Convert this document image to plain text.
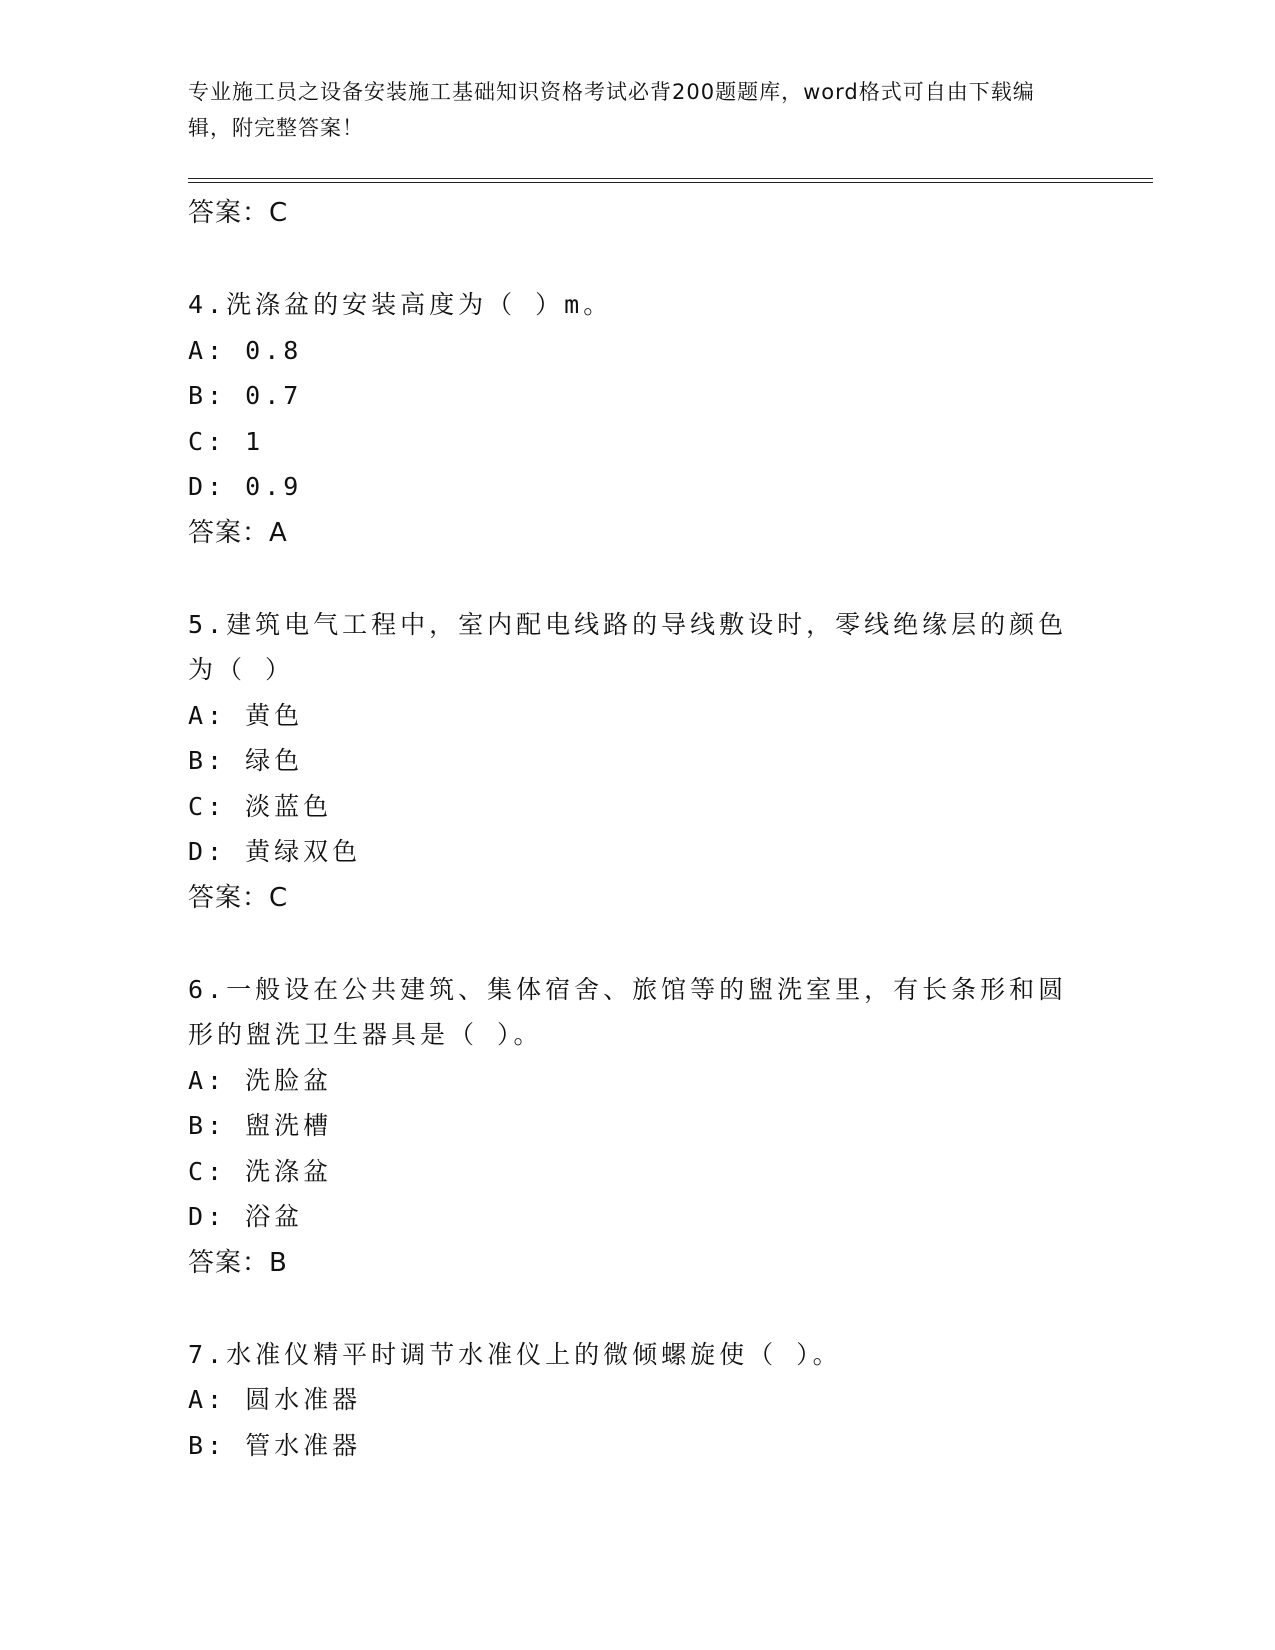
专业施工员之设备安装施工基础知识资格考试必背200题题库，word格式可自由下载编辑，附完整答案！
答案：C
4.洗涤盆的安装高度为（ ）m。
A: 0.8
B: 0.7
C: 1
D: 0.9
答案：A
5.建筑电气工程中，室内配电线路的导线敷设时，零线绝缘层的颜色为（ ）
A: 黄色
B: 绿色
C: 淡蓝色
D: 黄绿双色
答案：C
6.一般设在公共建筑、集体宿舍、旅馆等的盥洗室里，有长条形和圆形的盥洗卫生器具是（ ）。
A: 洗脸盆
B: 盥洗槽
C: 洗涤盆
D: 浴盆
答案：B
7.水准仪精平时调节水准仪上的微倾螺旋使（ ）。
A: 圆水准器
B: 管水准器
